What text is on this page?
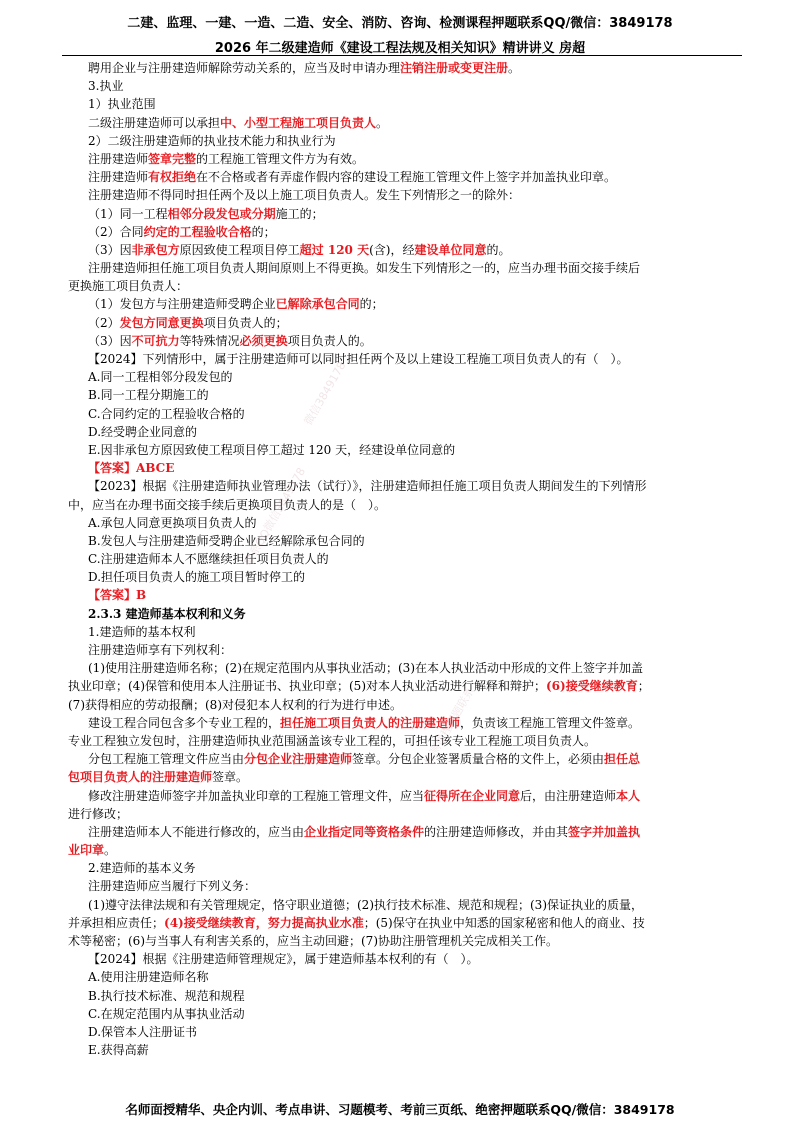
二建、监理、一建、一造、二造、安全、消防、咨询、检测课程押题联系QQ/微信：3849178
2026 年二级建造师《建设工程法规及相关知识》精讲讲义 房超
聘用企业与注册建造师解除劳动关系的，应当及时申请办理注销注册或变更注册。
3.执业
1）执业范围
二级注册建造师可以承担中、小型工程施工项目负责人。
2）二级注册建造师的执业技术能力和执业行为
注册建造师签章完整的工程施工管理文件方为有效。
注册建造师有权拒绝在不合格或者有弄虚作假内容的建设工程施工管理文件上签字并加盖执业印章。
注册建造师不得同时担任两个及以上施工项目负责人。发生下列情形之一的除外：
（1）同一工程相邻分段发包或分期施工的；
（2）合同约定的工程验收合格的；
（3）因非承包方原因致使工程项目停工超过 120 天(含)，经建设单位同意的。
注册建造师担任施工项目负责人期间原则上不得更换。如发生下列情形之一的，应当办理书面交接手续后
更换施工项目负责人：
（1）发包方与注册建造师受聘企业已解除承包合同的；
（2）发包方同意更换项目负责人的；
（3）因不可抗力等特殊情况必须更换项目负责人的。
【2024】下列情形中，属于注册建造师可以同时担任两个及以上建设工程施工项目负责人的有（　）。
A.同一工程相邻分段发包的
B.同一工程分期施工的
C.合同约定的工程验收合格的
D.经受聘企业同意的
E.因非承包方原因致使工程项目停工超过 120 天，经建设单位同意的
【答案】ABCE
【2023】根据《注册建造师执业管理办法（试行）》，注册建造师担任施工项目负责人期间发生的下列情形
中，应当在办理书面交接手续后更换项目负责人的是（　）。
A.承包人同意更换项目负责人的
B.发包人与注册建造师受聘企业已经解除承包合同的
C.注册建造师本人不愿继续担任项目负责人的
D.担任项目负责人的施工项目暂时停工的
【答案】B
2.3.3 建造师基本权利和义务
1.建造师的基本权利
注册建造师享有下列权利：
(1)使用注册建造师名称；(2)在规定范围内从事执业活动；(3)在本人执业活动中形成的文件上签字并加盖
执业印章；(4)保管和使用本人注册证书、执业印章；(5)对本人执业活动进行解释和辩护；(6)接受继续教育；
(7)获得相应的劳动报酬；(8)对侵犯本人权利的行为进行申述。
建设工程合同包含多个专业工程的，担任施工项目负责人的注册建造师，负责该工程施工管理文件签章。
专业工程独立发包时，注册建造师执业范围涵盖该专业工程的，可担任该专业工程施工项目负责人。
分包工程施工管理文件应当由分包企业注册建造师签章。分包企业签署质量合格的文件上，必须由担任总
包项目负责人的注册建造师签章。
修改注册建造师签字并加盖执业印章的工程施工管理文件，应当征得所在企业同意后，由注册建造师本人
进行修改；
注册建造师本人不能进行修改的，应当由企业指定同等资格条件的注册建造师修改，并由其签字并加盖执
业印章。
2.建造师的基本义务
注册建造师应当履行下列义务：
(1)遵守法律法规和有关管理规定，恪守职业道德；(2)执行技术标准、规范和规程；(3)保证执业的质量，
并承担相应责任；(4)接受继续教育，努力提高执业水准；(5)保守在执业中知悉的国家秘密和他人的商业、技
术等秘密；(6)与当事人有利害关系的，应当主动回避；(7)协助注册管理机关完成相关工作。
【2024】根据《注册建造师管理规定》，属于建造师基本权利的有（　）。
A.使用注册建造师名称
B.执行技术标准、规范和规程
C.在规定范围内从事执业活动
D.保管本人注册证书
E.获得高薪
微信3849178
联系QQ微信3849178
检测课程押题联系
名师面授精华、央企内训、考点串讲、习题模考、考前三页纸、绝密押题联系QQ/微信：3849178
